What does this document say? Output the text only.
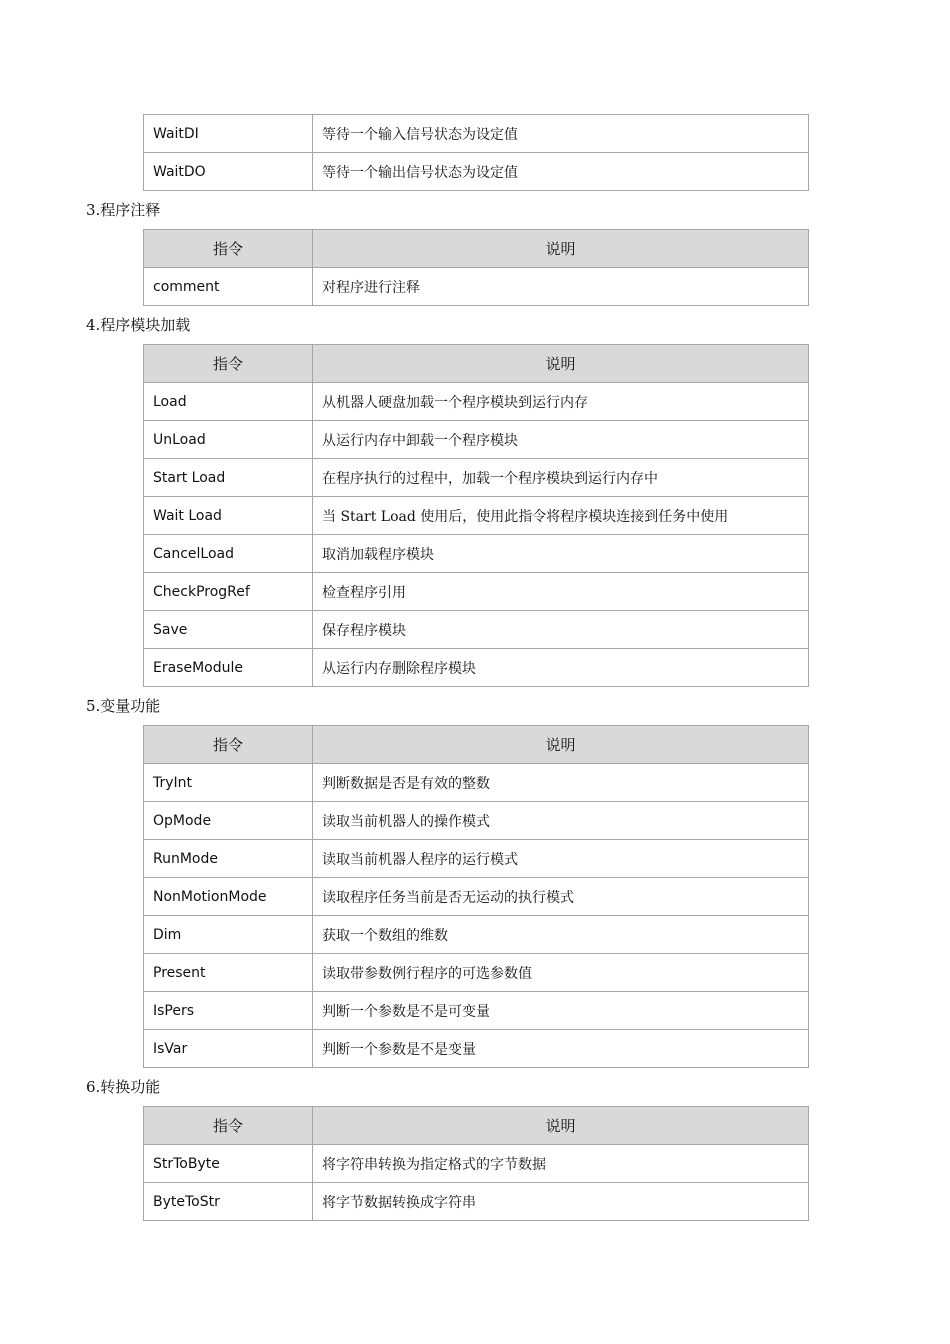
WaitDI	等待一个输入信号状态为设定值
WaitDO	等待一个输出信号状态为设定值
3.程序注释
指令	说明
comment	对程序进行注释
4.程序模块加载
指令	说明
Load	从机器人硬盘加载一个程序模块到运行内存
UnLoad	从运行内存中卸载一个程序模块
Start Load	在程序执行的过程中，加载一个程序模块到运行内存中
Wait Load	当 Start Load 使用后，使用此指令将程序模块连接到任务中使用
CancelLoad	取消加载程序模块
CheckProgRef	检查程序引用
Save	保存程序模块
EraseModule	从运行内存删除程序模块
5.变量功能
指令	说明
TryInt	判断数据是否是有效的整数
OpMode	读取当前机器人的操作模式
RunMode	读取当前机器人程序的运行模式
NonMotionMode	读取程序任务当前是否无运动的执行模式
Dim	获取一个数组的维数
Present	读取带参数例行程序的可选参数值
IsPers	判断一个参数是不是可变量
IsVar	判断一个参数是不是变量
6.转换功能
指令	说明
StrToByte	将字符串转换为指定格式的字节数据
ByteToStr	将字节数据转换成字符串
